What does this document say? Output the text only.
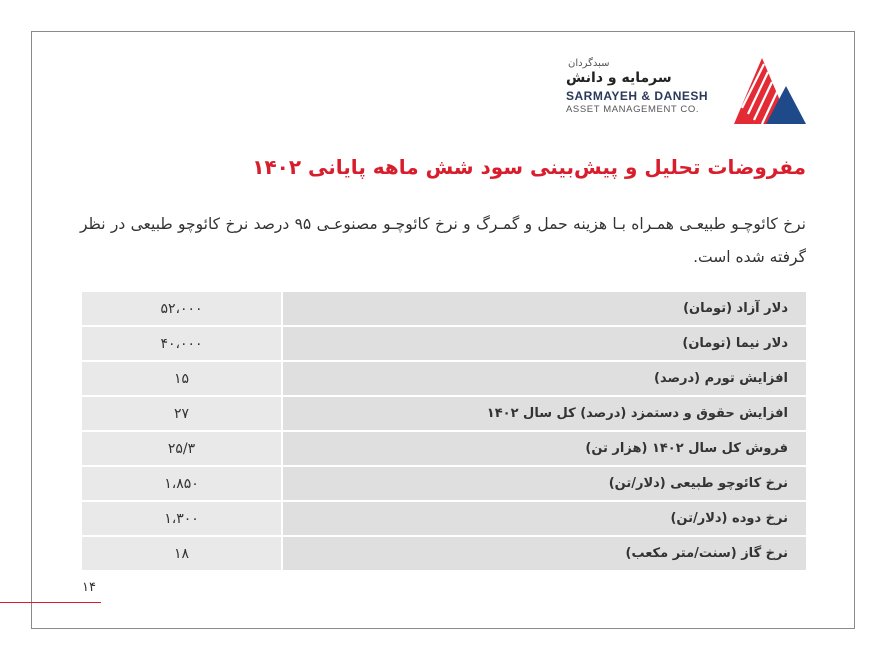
سبدگردان
سرمایه و دانش
SARMAYEH & DANESH
ASSET MANAGEMENT CO.
مفروضات تحلیل و پیش‌بینی سود شش ماهه پایانی ۱۴۰۲
نرخ کائوچـو طبیعـی همـراه بـا هزینه حمل و گمـرگ و نرخ کائوچـو مصنوعـی ۹۵ درصد نرخ کائوچو طبیعی در نظر گرفته شده است.
۵۲،۰۰۰	دلار آزاد (تومان)
۴۰،۰۰۰	دلار نیما (تومان)
۱۵	افزایش تورم (درصد)
۲۷	افزایش حقوق و دستمزد (درصد) کل سال ۱۴۰۲
۲۵/۳	فروش کل سال ۱۴۰۲ (هزار تن)
۱،۸۵۰	نرخ کائوچو طبیعی (دلار/تن)
۱،۳۰۰	نرخ دوده (دلار/تن)
۱۸	نرخ گاز (سنت/متر مکعب)
۱۴
